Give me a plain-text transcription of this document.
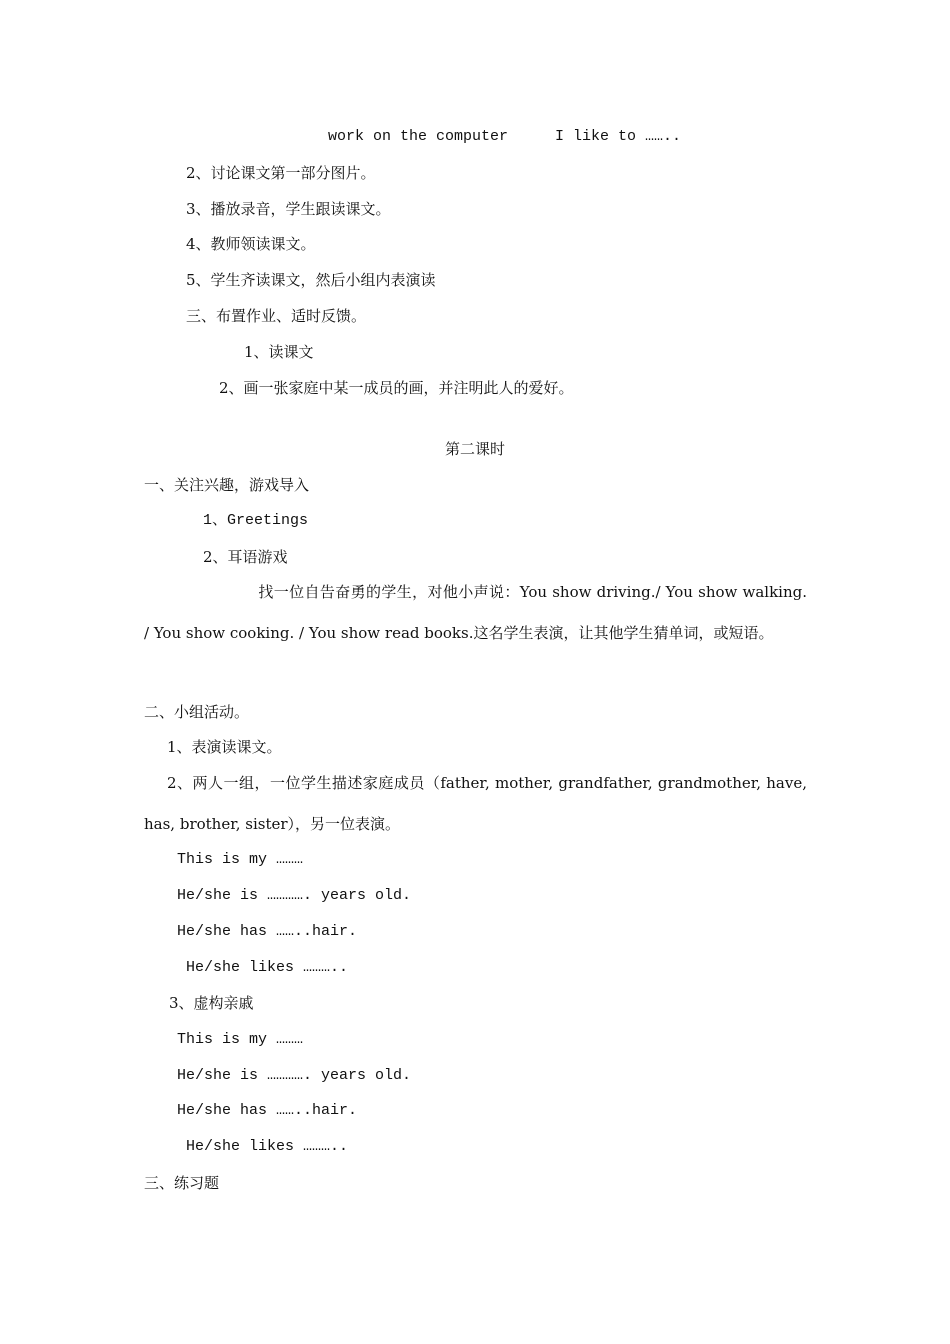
work on the computer	I like to ……..
2、讨论课文第一部分图片。
3、播放录音，学生跟读课文。
4、教师领读课文。
5、学生齐读课文，然后小组内表演读
三、布置作业、适时反馈。
1、读课文
2、画一张家庭中某一成员的画，并注明此人的爱好。
第二课时
一、关注兴趣，游戏导入
1、Greetings
2、耳语游戏
找一位自告奋勇的学生，对他小声说：You show driving./ You show walking. / You show cooking. / You show read books.这名学生表演，让其他学生猜单词，或短语。
二、小组活动。
1、表演读课文。
2、两人一组，一位学生描述家庭成员（father, mother, grandfather, grandmother, have, has, brother, sister），另一位表演。
This is my ………
He/she is …………. years old.
He/she has ……..hair.
He/she likes ………..
3、虚构亲戚
This is my ………
He/she is …………. years old.
He/she has ……..hair.
He/she likes ………..
三、练习题
